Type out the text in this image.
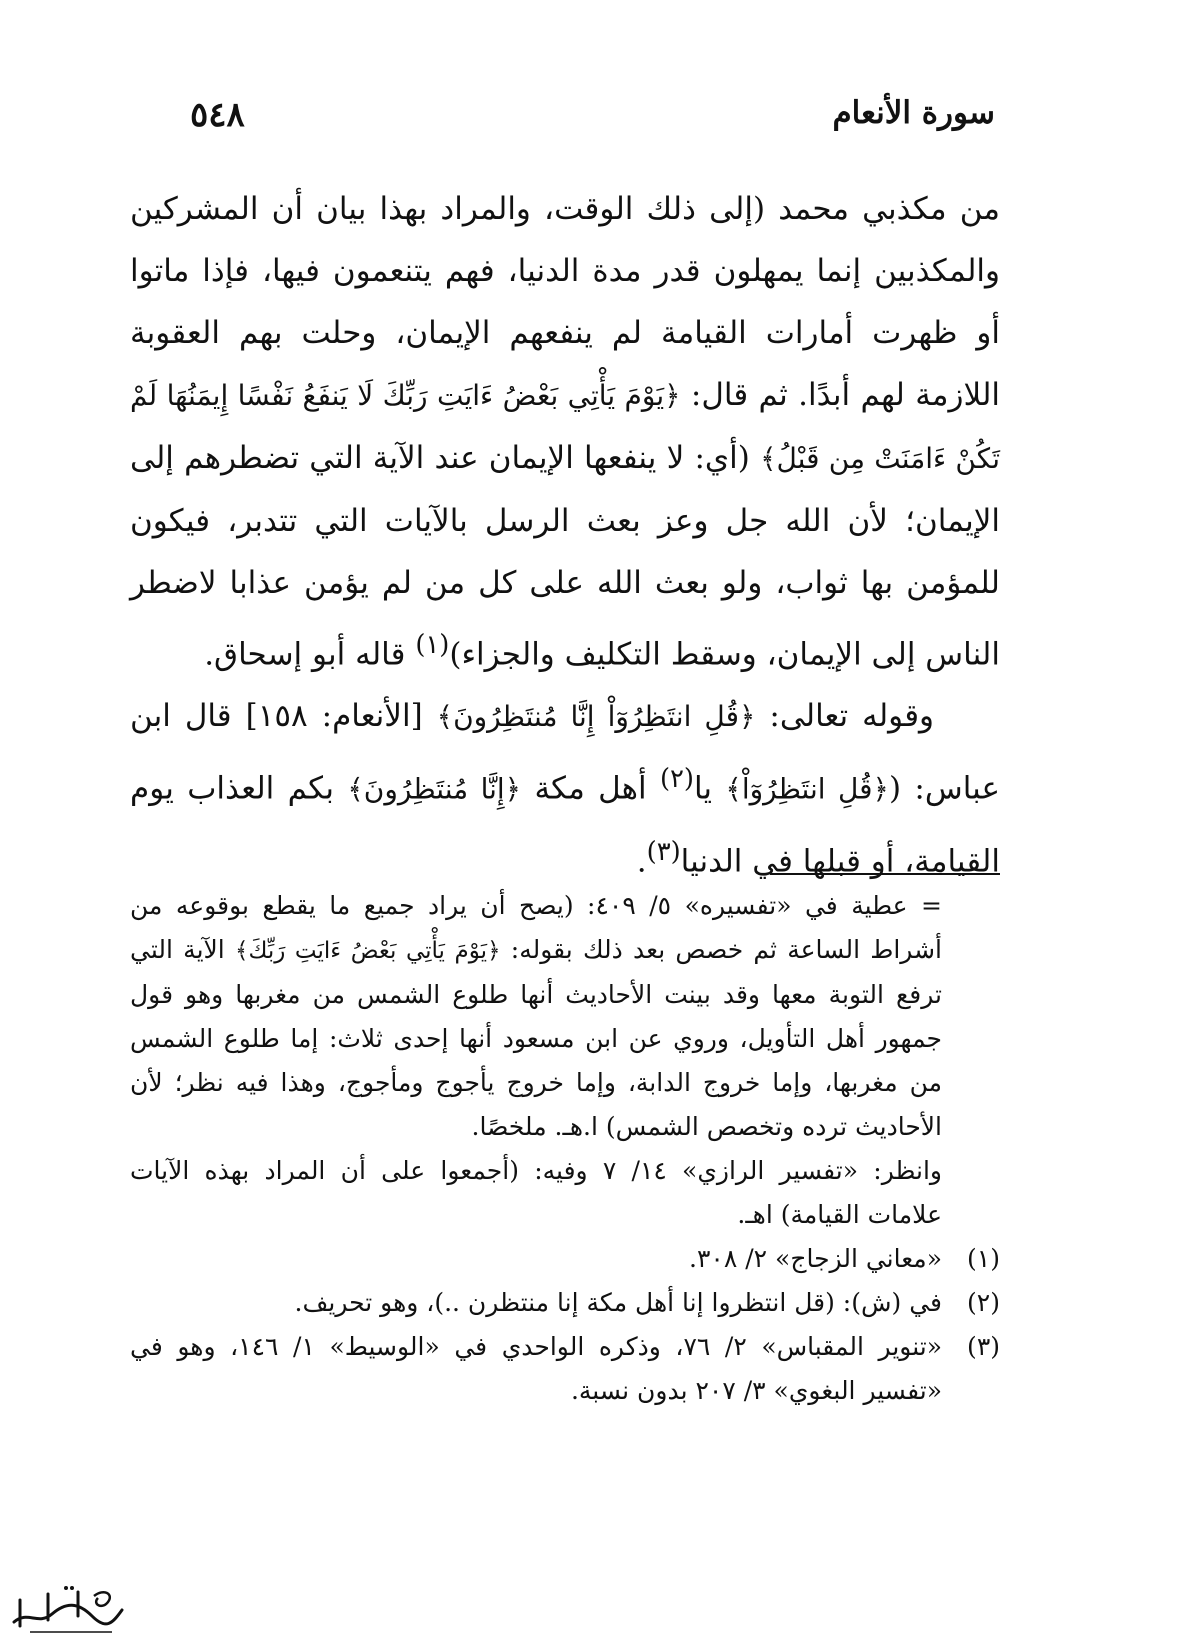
٥٤٨	سورة الأنعام

من مكذبي محمد (إلى ذلك الوقت، والمراد بهذا بيان أن المشركين والمكذبين إنما يمهلون قدر مدة الدنيا، فهم يتنعمون فيها، فإذا ماتوا أو ظهرت أمارات القيامة لم ينفعهم الإيمان، وحلت بهم العقوبة اللازمة لهم أبدًا. ثم قال: ﴿يَوْمَ يَأْتِي بَعْضُ ءَايَتِ رَبِّكَ لَا يَنفَعُ نَفْسًا إِيمَنُهَا لَمْ تَكُنْ ءَامَنَتْ مِن قَبْلُ﴾ (أي: لا ينفعها الإيمان عند الآية التي تضطرهم إلى الإيمان؛ لأن الله جل وعز بعث الرسل بالآيات التي تتدبر، فيكون للمؤمن بها ثواب، ولو بعث الله على كل من لم يؤمن عذابا لاضطر الناس إلى الإيمان، وسقط التكليف والجزاء)$^{(١)}$ قاله أبو إسحاق.

وقوله تعالى: ﴿قُلِ انتَظِرُوٓاْ إِنَّا مُنتَظِرُونَ﴾ [الأنعام: ١٥٨] قال ابن عباس: (﴿قُلِ انتَظِرُوٓاْ﴾ يا$^{(٢)}$ أهل مكة ﴿إِنَّا مُنتَظِرُونَ﴾ بكم العذاب يوم القيامة، أو قبلها في الدنيا$^{(٣)}$.

= عطية في «تفسيره» ٥/ ٤٠٩: (يصح أن يراد جميع ما يقطع بوقوعه من أشراط الساعة ثم خصص بعد ذلك بقوله: ﴿يَوْمَ يَأْتِي بَعْضُ ءَايَتِ رَبِّكَ﴾ الآية التي ترفع التوبة معها وقد بينت الأحاديث أنها طلوع الشمس من مغربها وهو قول جمهور أهل التأويل، وروي عن ابن مسعود أنها إحدى ثلاث: إما طلوع الشمس من مغربها، وإما خروج الدابة، وإما خروج يأجوج ومأجوج، وهذا فيه نظر؛ لأن الأحاديث ترده وتخصص الشمس) ا.هـ. ملخصًا.

وانظر: «تفسير الرازي» ١٤/ ٧ وفيه: (أجمعوا على أن المراد بهذه الآيات علامات القيامة) اهـ.

(١)«معاني الزجاج» ٢/ ٣٠٨.

(٢)في (ش): (قل انتظروا إنا أهل مكة إنا منتظرن ..)، وهو تحريف.

(٣)«تنوير المقباس» ٢/ ٧٦، وذكره الواحدي في «الوسيط» ١/ ١٤٦، وهو في «تفسير البغوي» ٣/ ٢٠٧ بدون نسبة.
